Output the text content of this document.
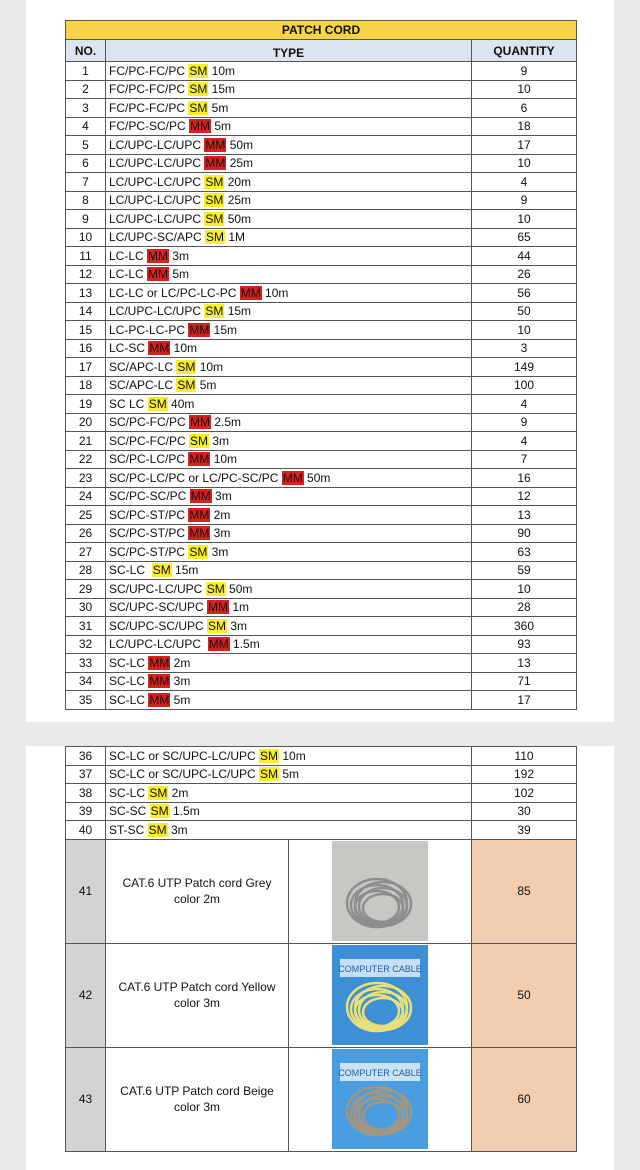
PATCH CORD		
NO.	TYPE	QUANTITY
1	FC/PC-FC/PC SM 10m	9
2	FC/PC-FC/PC SM 15m	10
3	FC/PC-FC/PC SM 5m	6
4	FC/PC-SC/PC MM 5m	18
5	LC/UPC-LC/UPC MM 50m	17
6	LC/UPC-LC/UPC MM 25m	10
7	LC/UPC-LC/UPC SM 20m	4
8	LC/UPC-LC/UPC SM 25m	9
9	LC/UPC-LC/UPC SM 50m	10
10	LC/UPC-SC/APC SM 1M	65
11	LC-LC MM 3m	44
12	LC-LC MM 5m	26
13	LC-LC or LC/PC-LC-PC MM 10m	56
14	LC/UPC-LC/UPC SM 15m	50
15	LC-PC-LC-PC MM 15m	10
16	LC-SC MM 10m	3
17	SC/APC-LC SM 10m	149
18	SC/APC-LC SM 5m	100
19	SC LC SM 40m	4
20	SC/PC-FC/PC MM 2.5m	9
21	SC/PC-FC/PC SM 3m	4
22	SC/PC-LC/PC MM 10m	7
23	SC/PC-LC/PC or LC/PC-SC/PC MM 50m	16
24	SC/PC-SC/PC MM 3m	12
25	SC/PC-ST/PC MM 2m	13
26	SC/PC-ST/PC MM 3m	90
27	SC/PC-ST/PC SM 3m	63
28	SC-LC  SM 15m	59
29	SC/UPC-LC/UPC SM 50m	10
30	SC/UPC-SC/UPC MM 1m	28
31	SC/UPC-SC/UPC SM 3m	360
32	LC/UPC-LC/UPC  MM 1.5m	93
33	SC-LC MM 2m	13
34	SC-LC MM 3m	71
35	SC-LC MM 5m	17
36	SC-LC or SC/UPC-LC/UPC SM 10m		110
37	SC-LC or SC/UPC-LC/UPC SM 5m		192
38	SC-LC SM 2m		102
39	SC-SC SM 1.5m		30
40	ST-SC SM 3m		39
41	CAT.6 UTP Patch cord Grey color 2m		85
42	CAT.6 UTP Patch cord Yellow color 3m	COMPUTER CABLE	50
43	CAT.6 UTP Patch cord Beige color 3m	COMPUTER CABLE	60
